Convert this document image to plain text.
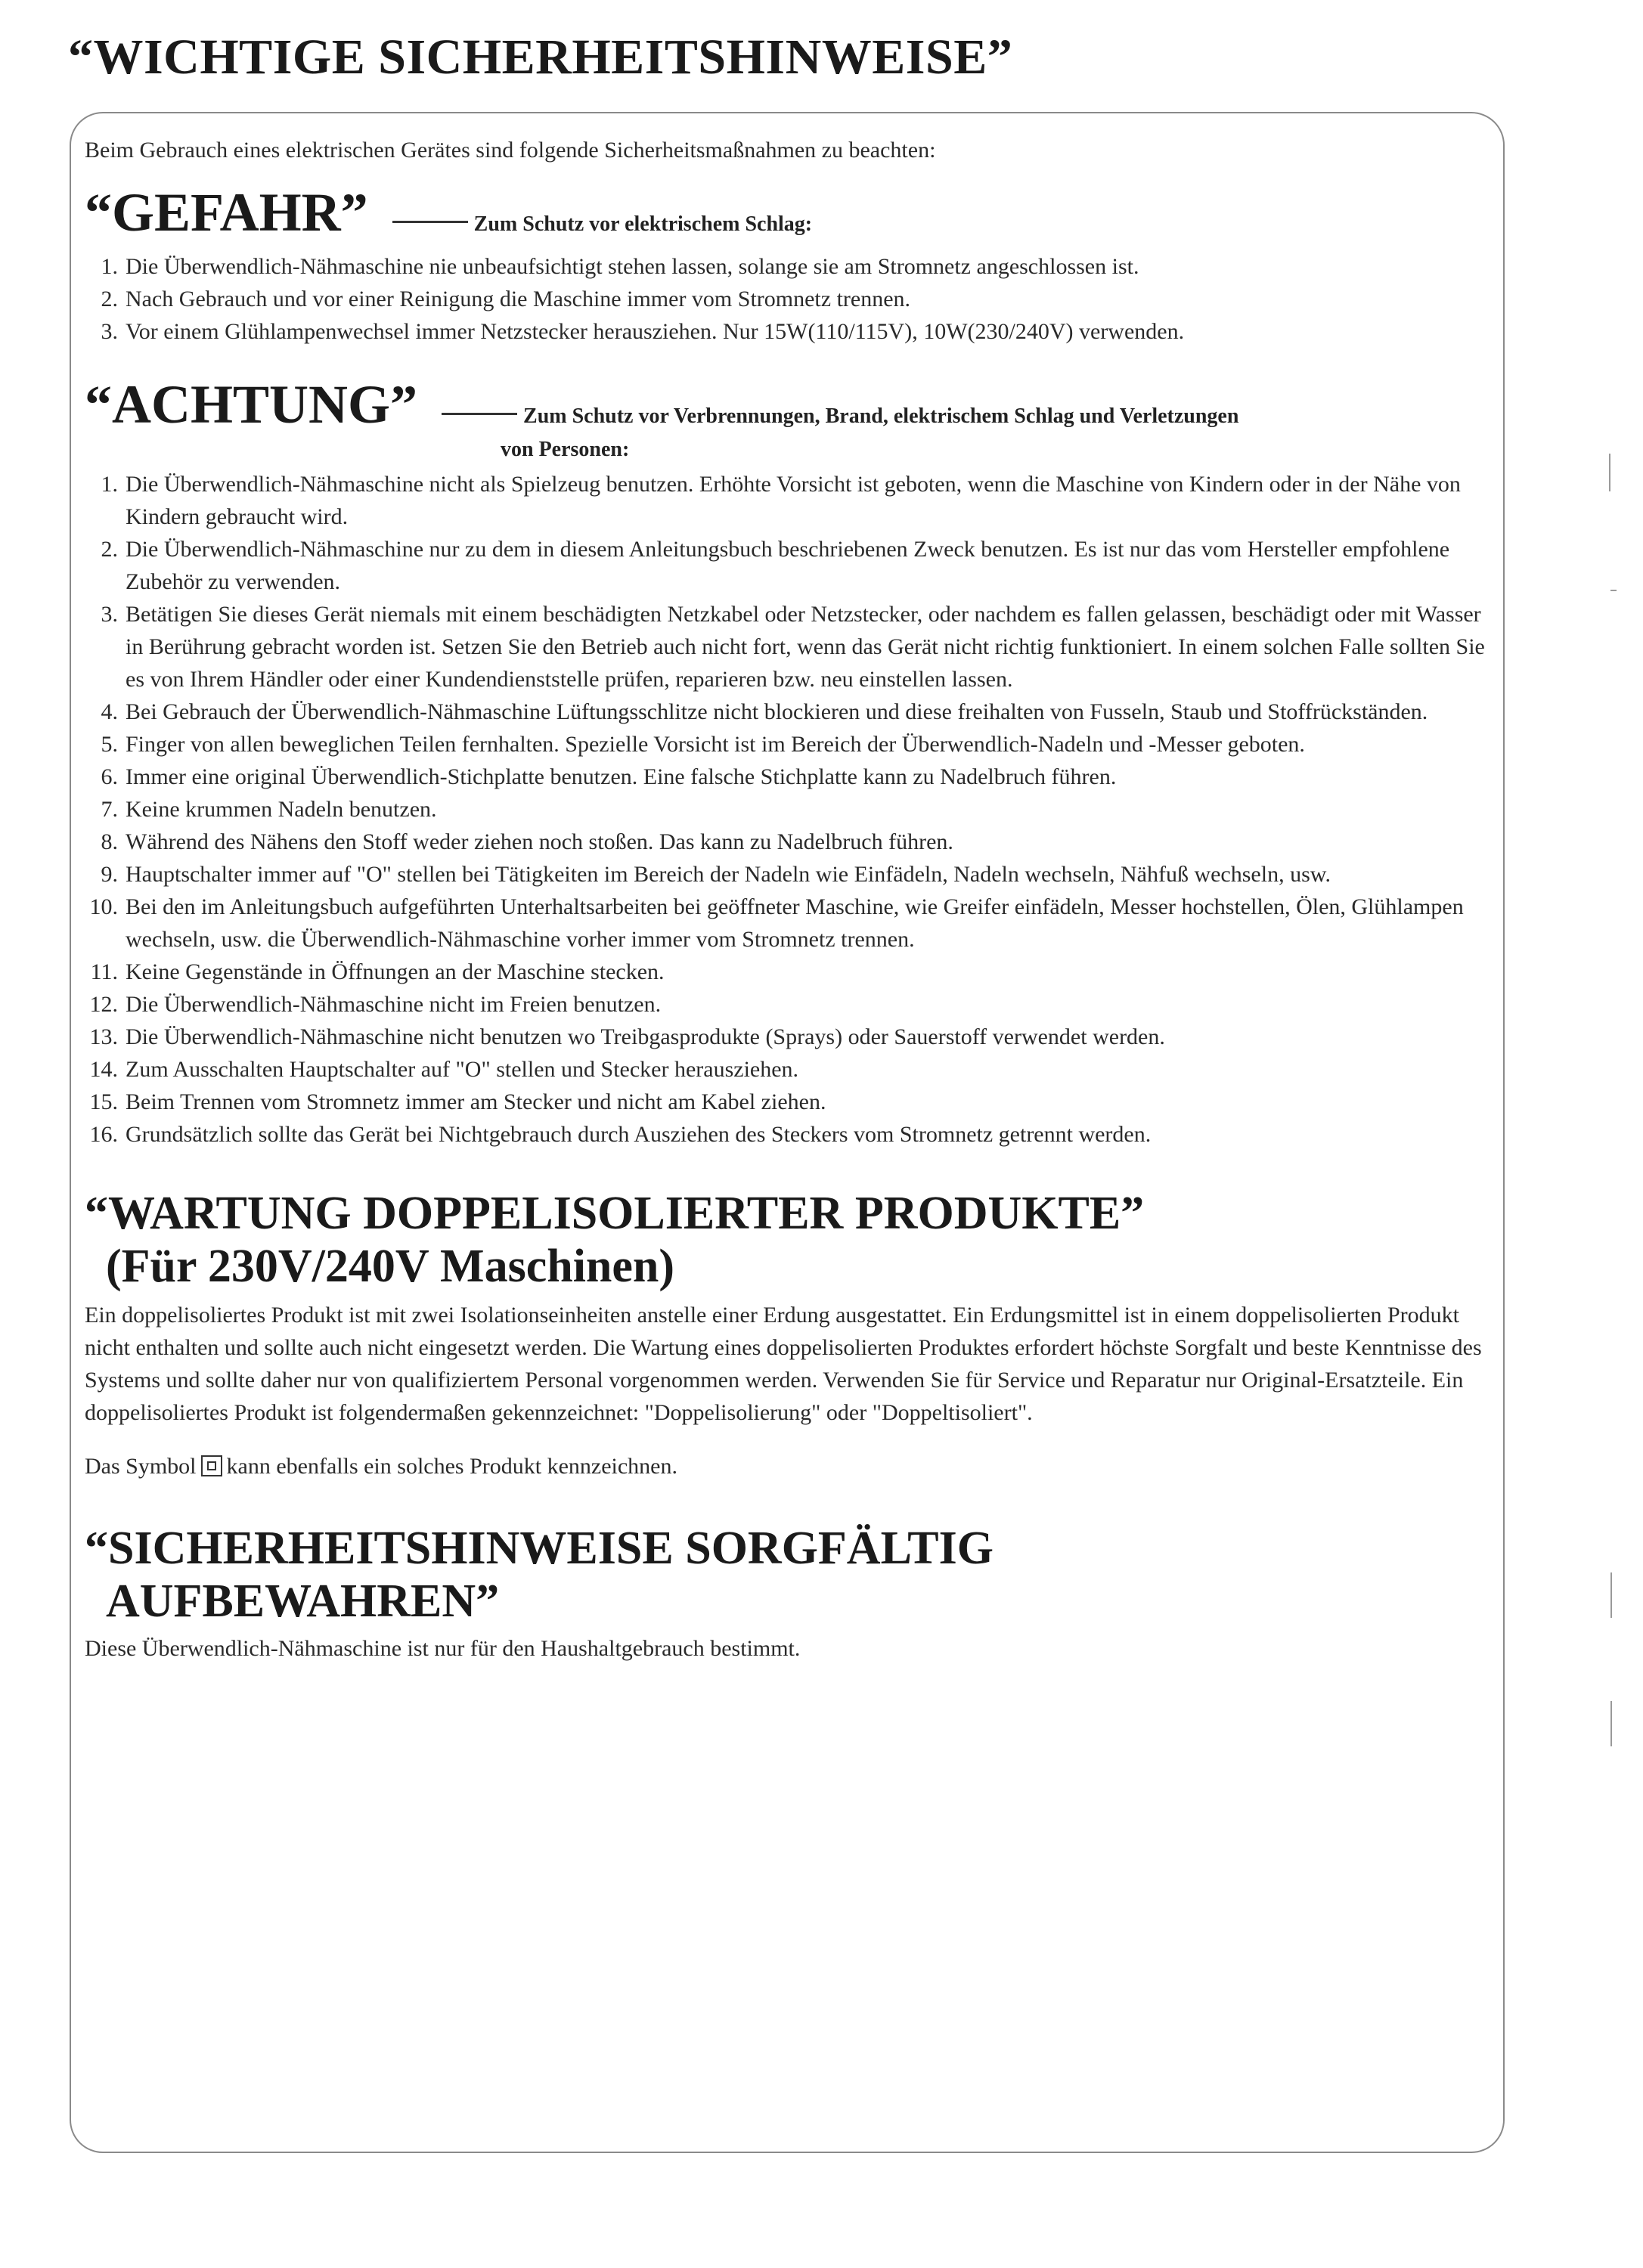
“WICHTIGE SICHERHEITSHINWEISE”

Beim Gebrauch eines elektrischen Gerätes sind folgende Sicherheitsmaßnahmen zu beachten:

“GEFAHR”	Zum Schutz vor elektrischem Schlag:
1. Die Überwendlich-Nähmaschine nie unbeaufsichtigt stehen lassen, solange sie am Stromnetz angeschlossen ist.
2. Nach Gebrauch und vor einer Reinigung die Maschine immer vom Stromnetz trennen.
3. Vor einem Glühlampenwechsel immer Netzstecker herausziehen. Nur 15W(110/115V), 10W(230/240V) verwenden.
“ACHTUNG”	Zum Schutz vor Verbrennungen, Brand, elektrischem Schlag und Verletzungen
von Personen:
1. Die Überwendlich-Nähmaschine nicht als Spielzeug benutzen. Erhöhte Vorsicht ist geboten, wenn die Maschine von Kindern oder in der Nähe von Kindern gebraucht wird.
2. Die Überwendlich-Nähmaschine nur zu dem in diesem Anleitungsbuch beschriebenen Zweck benutzen. Es ist nur das vom Hersteller empfohlene Zubehör zu verwenden.
3. Betätigen Sie dieses Gerät niemals mit einem beschädigten Netzkabel oder Netzstecker, oder nachdem es fallen gelassen, beschädigt oder mit Wasser in Berührung gebracht worden ist. Setzen Sie den Betrieb auch nicht fort, wenn das Gerät nicht richtig funktioniert. In einem solchen Falle sollten Sie es von Ihrem Händler oder einer Kundendienststelle prüfen, reparieren bzw. neu einstellen lassen.
4. Bei Gebrauch der Überwendlich-Nähmaschine Lüftungsschlitze nicht blockieren und diese freihalten von Fusseln, Staub und Stoffrückständen.
5. Finger von allen beweglichen Teilen fernhalten. Spezielle Vorsicht ist im Bereich der Überwendlich-Nadeln und -Messer geboten.
6. Immer eine original Überwendlich-Stichplatte benutzen. Eine falsche Stichplatte kann zu Nadelbruch führen.
7. Keine krummen Nadeln benutzen.
8. Während des Nähens den Stoff weder ziehen noch stoßen. Das kann zu Nadelbruch führen.
9. Hauptschalter immer auf "O" stellen bei Tätigkeiten im Bereich der Nadeln wie Einfädeln, Nadeln wechseln, Nähfuß wechseln, usw.
10. Bei den im Anleitungsbuch aufgeführten Unterhaltsarbeiten bei geöffneter Maschine, wie Greifer einfädeln, Messer hochstellen, Ölen, Glühlampen wechseln, usw. die Überwendlich-Nähmaschine vorher immer vom Stromnetz trennen.
11. Keine Gegenstände in Öffnungen an der Maschine stecken.
12. Die Überwendlich-Nähmaschine nicht im Freien benutzen.
13. Die Überwendlich-Nähmaschine nicht benutzen wo Treibgasprodukte (Sprays) oder Sauerstoff verwendet werden.
14. Zum Ausschalten Hauptschalter auf "O" stellen und Stecker herausziehen.
15. Beim Trennen vom Stromnetz immer am Stecker und nicht am Kabel ziehen.
16. Grundsätzlich sollte das Gerät bei Nichtgebrauch durch Ausziehen des Steckers vom Stromnetz getrennt werden.
“WARTUNG DOPPELISOLIERTER PRODUKTE”
(Für 230V/240V Maschinen)

Ein doppelisoliertes Produkt ist mit zwei Isolationseinheiten anstelle einer Erdung ausgestattet. Ein Erdungsmittel ist in einem doppelisolierten Produkt nicht enthalten und sollte auch nicht eingesetzt werden. Die Wartung eines doppelisolierten Produktes erfordert höchste Sorgfalt und beste Kenntnisse des Systems und sollte daher nur von qualifiziertem Personal vorgenommen werden. Verwenden Sie für Service und Reparatur nur Original-Ersatzteile. Ein doppelisoliertes Produkt ist folgendermaßen gekennzeichnet: "Doppelisolierung" oder "Doppeltisoliert".

Das Symbol kann ebenfalls ein solches Produkt kennzeichnen.

“SICHERHEITSHINWEISE SORGFÄLTIG
AUFBEWAHREN”

Diese Überwendlich-Nähmaschine ist nur für den Haushaltgebrauch bestimmt.
